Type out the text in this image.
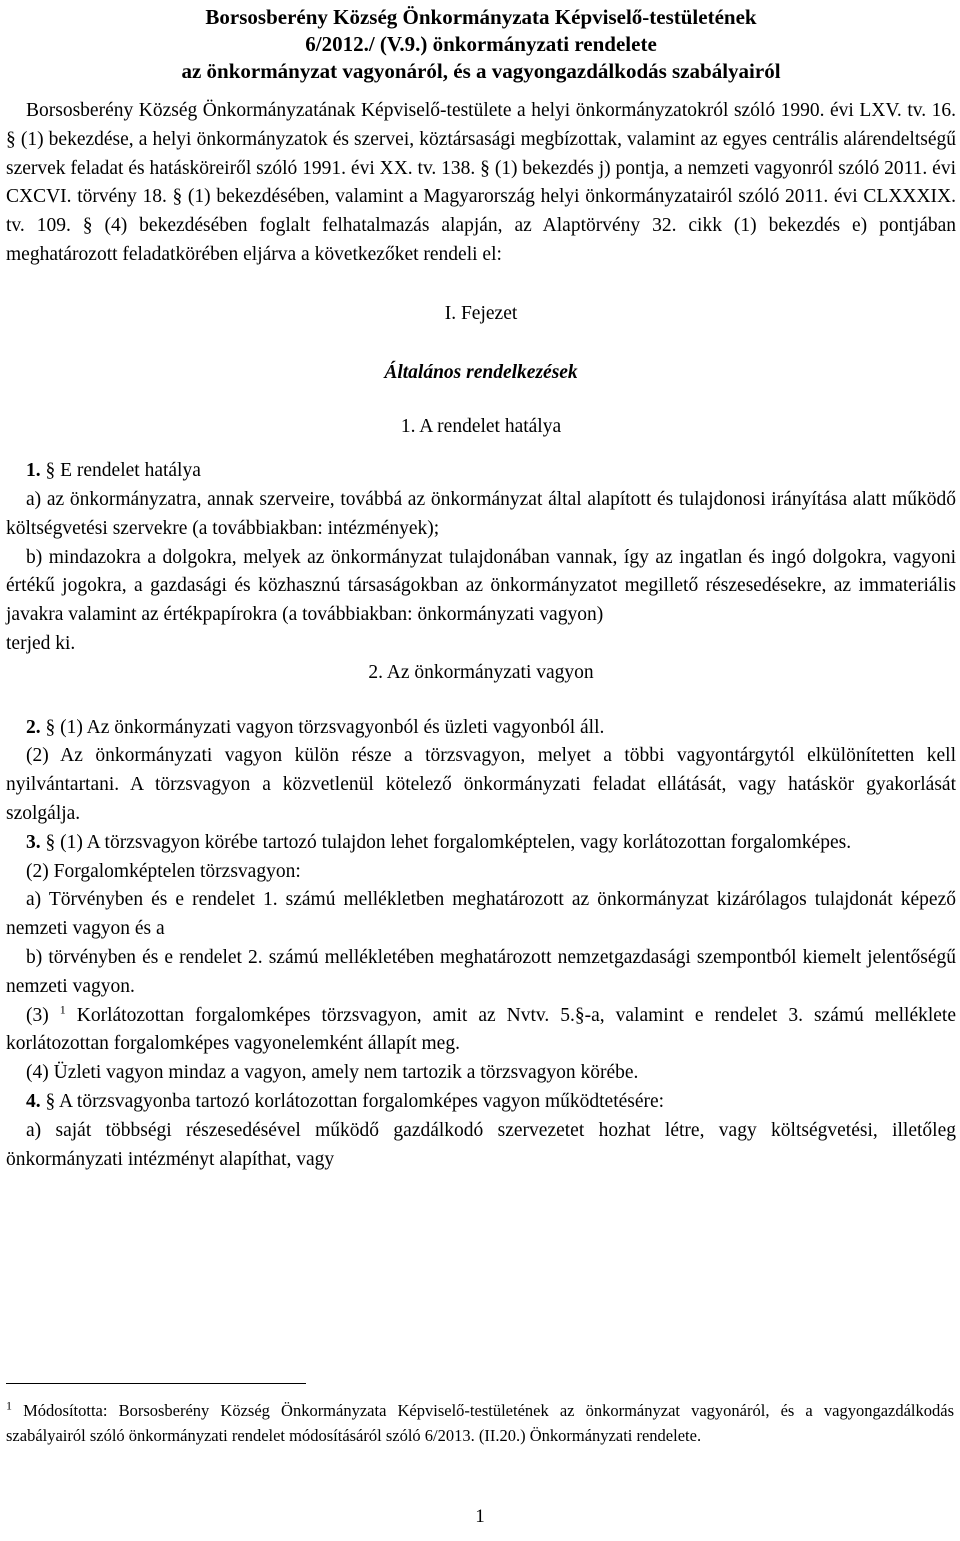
Borsosberény Község Önkormányzata Képviselő-testületének

6/2012./ (V.9.) önkormányzati rendelete

az önkormányzat vagyonáról, és a vagyongazdálkodás szabályairól

Borsosberény Község Önkormányzatának Képviselő-testülete a helyi önkormányzatokról szóló 1990. évi LXV. tv. 16. § (1) bekezdése, a helyi önkormányzatok és szervei, köztársasági megbízottak, valamint az egyes centrális alárendeltségű szervek feladat és hatásköreiről szóló 1991. évi XX. tv. 138. § (1) bekezdés j) pontja, a nemzeti vagyonról szóló 2011. évi CXCVI. törvény 18. § (1) bekezdésében, valamint a Magyarország helyi önkormányzatairól szóló 2011. évi CLXXXIX. tv. 109. § (4) bekezdésében foglalt felhatalmazás alapján, az Alaptörvény 32. cikk (1) bekezdés e) pontjában meghatározott feladatkörében eljárva a következőket rendeli el:

I. Fejezet

Általános rendelkezések

1. A rendelet hatálya

1. § E rendelet hatálya

a) az önkormányzatra, annak szerveire, továbbá az önkormányzat által alapított és tulajdonosi irányítása alatt működő költségvetési szervekre (a továbbiakban: intézmények);

b) mindazokra a dolgokra, melyek az önkormányzat tulajdonában vannak, így az ingatlan és ingó dolgokra, vagyoni értékű jogokra, a gazdasági és közhasznú társaságokban az önkormányzatot megillető részesedésekre, az immateriális javakra valamint az értékpapírokra (a továbbiakban: önkormányzati vagyon)

terjed ki.

2. Az önkormányzati vagyon

2. § (1) Az önkormányzati vagyon törzsvagyonból és üzleti vagyonból áll.

(2) Az önkormányzati vagyon külön része a törzsvagyon, melyet a többi vagyontárgytól elkülönítetten kell nyilvántartani. A törzsvagyon a közvetlenül kötelező önkormányzati feladat ellátását, vagy hatáskör gyakorlását szolgálja.

3. § (1) A törzsvagyon körébe tartozó tulajdon lehet forgalomképtelen, vagy korlátozottan forgalomképes.

(2) Forgalomképtelen törzsvagyon:

a) Törvényben és e rendelet 1. számú mellékletben meghatározott az önkormányzat kizárólagos tulajdonát képező nemzeti vagyon és a

b) törvényben és e rendelet 2. számú mellékletében meghatározott nemzetgazdasági szempontból kiemelt jelentőségű nemzeti vagyon.

(3) $^1$ Korlátozottan forgalomképes törzsvagyon, amit az Nvtv. 5.§-a, valamint e rendelet 3. számú melléklete korlátozottan forgalomképes vagyonelemként állapít meg.

(4) Üzleti vagyon mindaz a vagyon, amely nem tartozik a törzsvagyon körébe.

4. § A törzsvagyonba tartozó korlátozottan forgalomképes vagyon működtetésére:

a) saját többségi részesedésével működő gazdálkodó szervezetet hozhat létre, vagy költségvetési, illetőleg önkormányzati intézményt alapíthat, vagy

$^1$ Módosította: Borsosberény Község Önkormányzata Képviselő-testületének az önkormányzat vagyonáról, és a vagyongazdálkodás szabályairól szóló önkormányzati rendelet módosításáról szóló 6/2013. (II.20.) Önkormányzati rendelete.

1
